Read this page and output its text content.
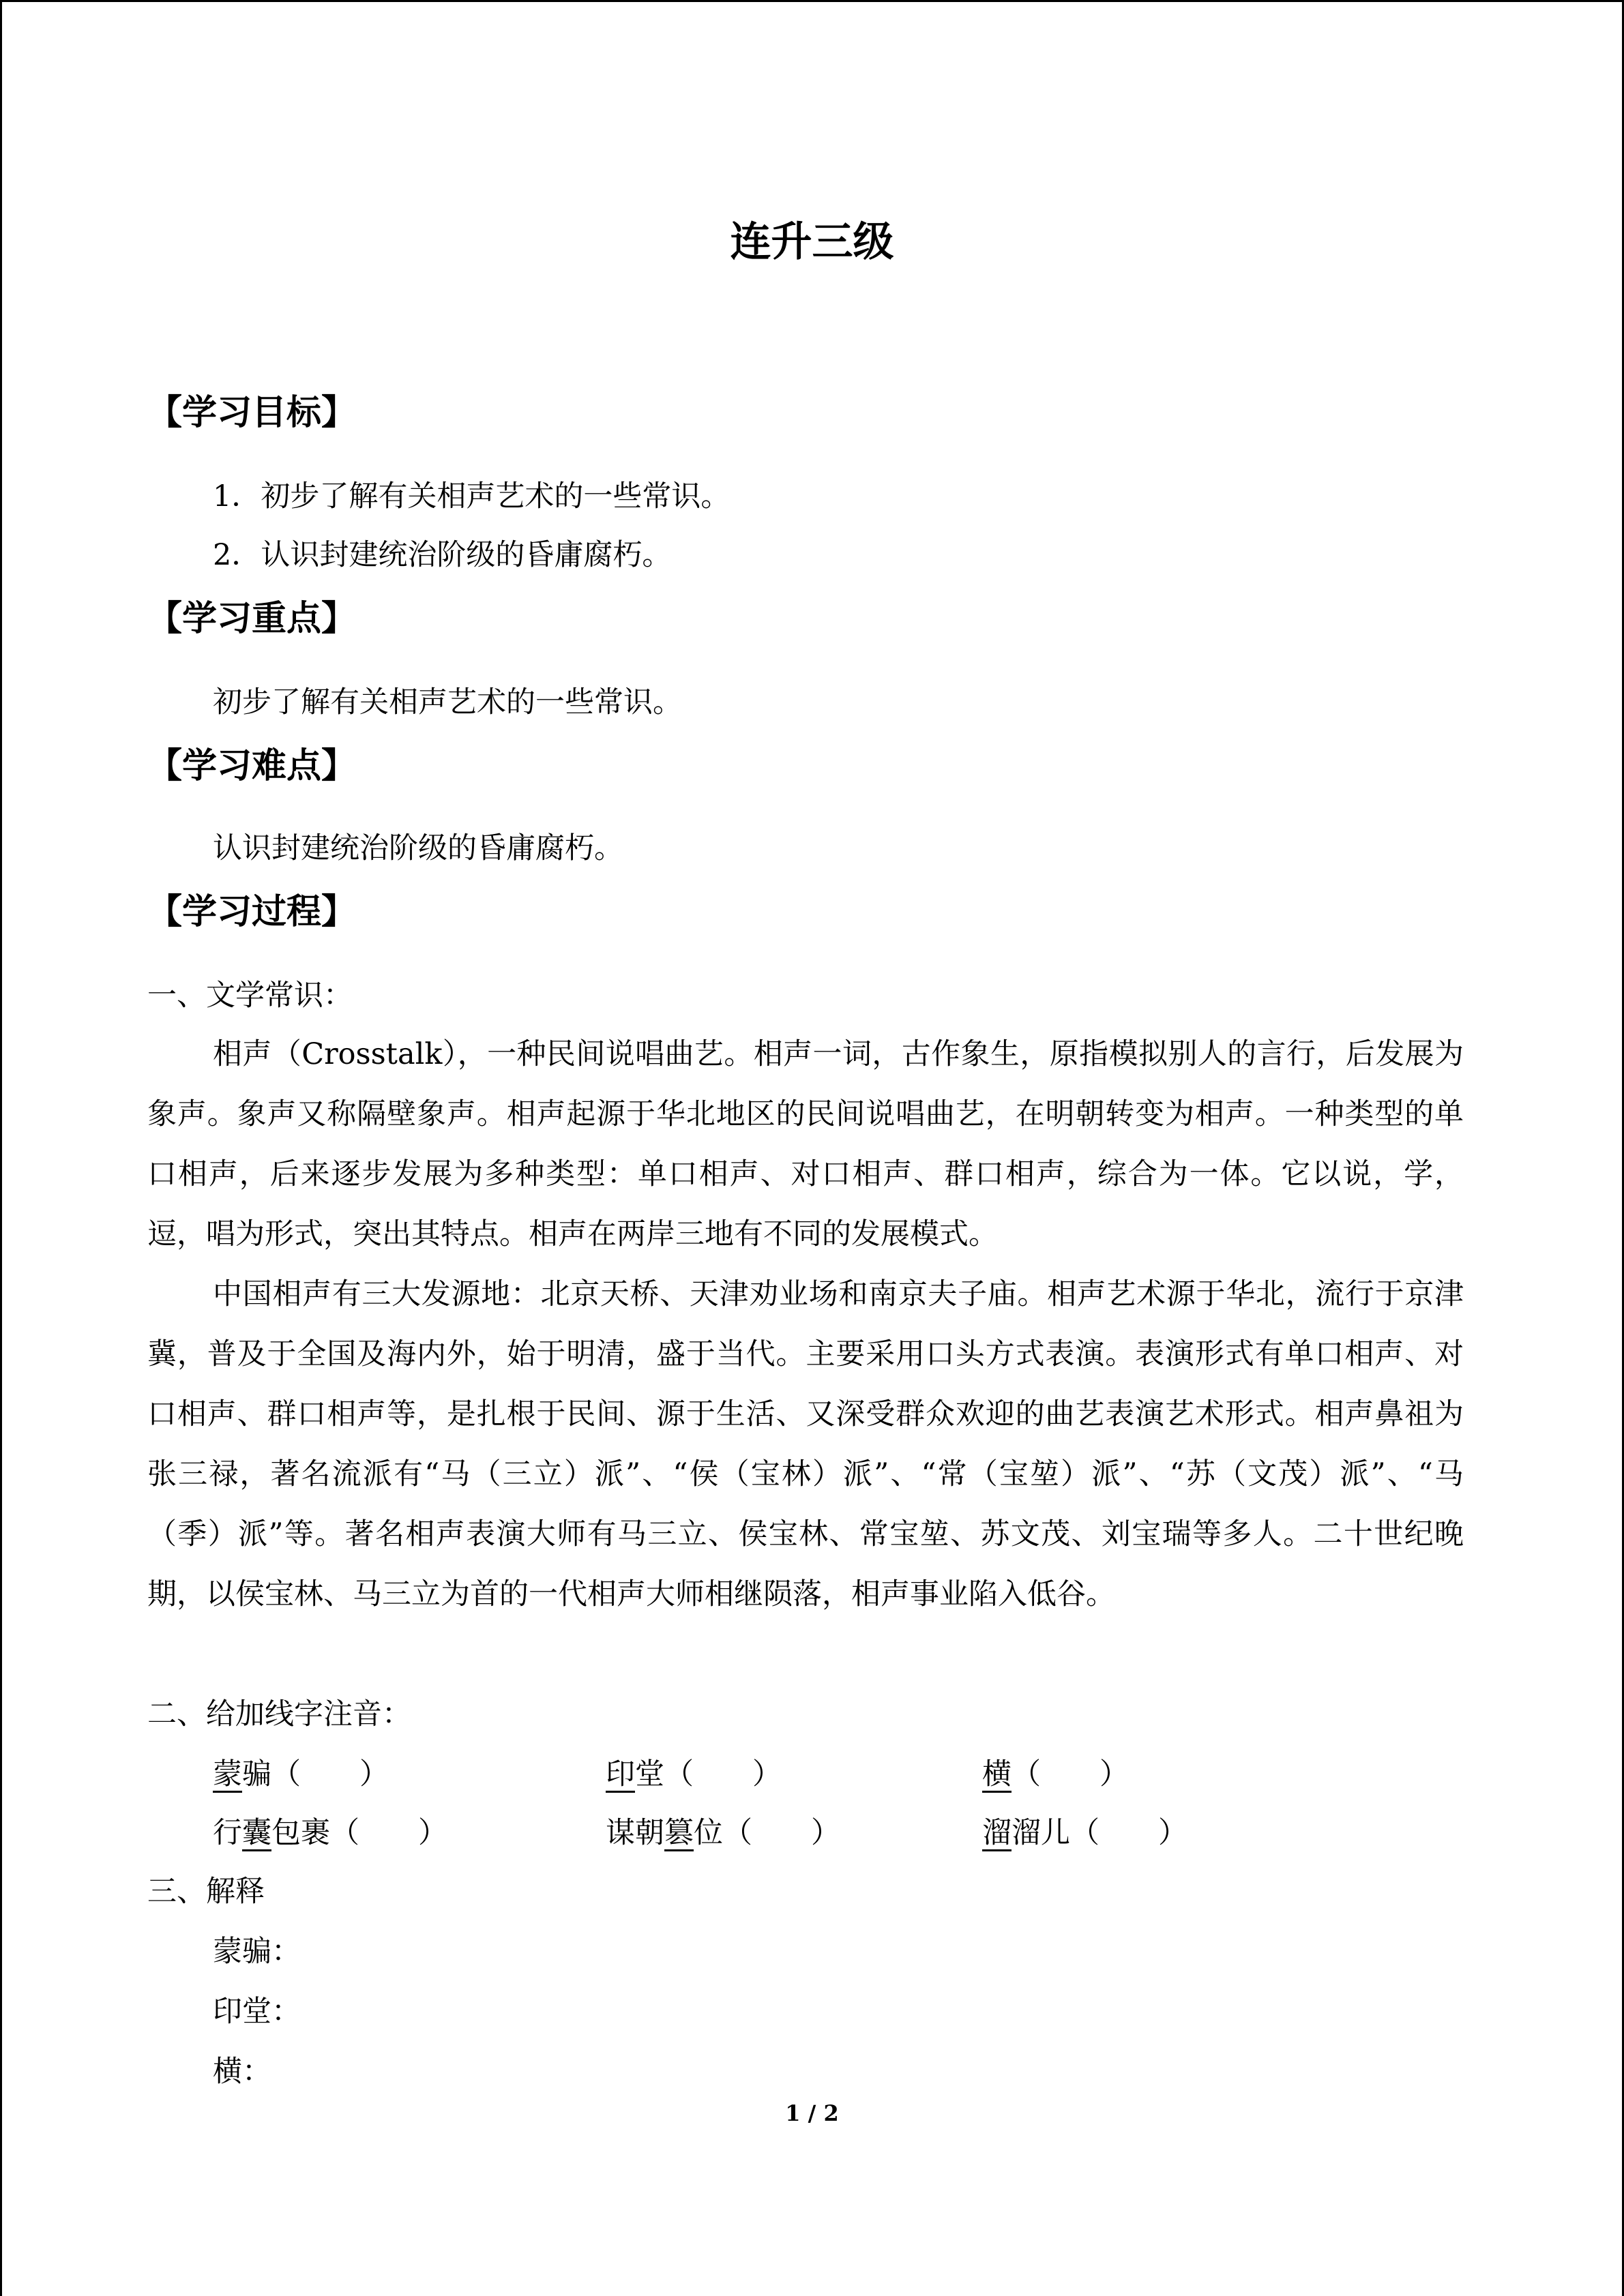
连升三级
【学习目标】

1．初步了解有关相声艺术的一些常识。

2．认识封建统治阶级的昏庸腐朽。

【学习重点】

初步了解有关相声艺术的一些常识。

【学习难点】

认识封建统治阶级的昏庸腐朽。

【学习过程】

一、文学常识：

相声（Crosstalk），一种民间说唱曲艺。相声一词，古作象生，原指模拟别人的言行，后发展为象声。象声又称隔壁象声。相声起源于华北地区的民间说唱曲艺，在明朝转变为相声。一种类型的单口相声，后来逐步发展为多种类型：单口相声、对口相声、群口相声，综合为一体。它以说，学，逗，唱为形式，突出其特点。相声在两岸三地有不同的发展模式。

中国相声有三大发源地：北京天桥、天津劝业场和南京夫子庙。相声艺术源于华北，流行于京津冀，普及于全国及海内外，始于明清，盛于当代。主要采用口头方式表演。表演形式有单口相声、对口相声、群口相声等，是扎根于民间、源于生活、又深受群众欢迎的曲艺表演艺术形式。相声鼻祖为张三禄，著名流派有“马（三立）派”、“侯（宝林）派”、“常（宝堃）派”、“苏（文茂）派”、“马（季）派”等。著名相声表演大师有马三立、侯宝林、常宝堃、苏文茂、刘宝瑞等多人。二十世纪晚期，以侯宝林、马三立为首的一代相声大师相继陨落，相声事业陷入低谷。

二、给加线字注音：

蒙骗（　　）	印堂（　　）	横（　　）

行囊包裹（　　）	谋朝篡位（　　）	溜溜儿（　　）

三、解释

蒙骗：

印堂：

横：

1 / 2
